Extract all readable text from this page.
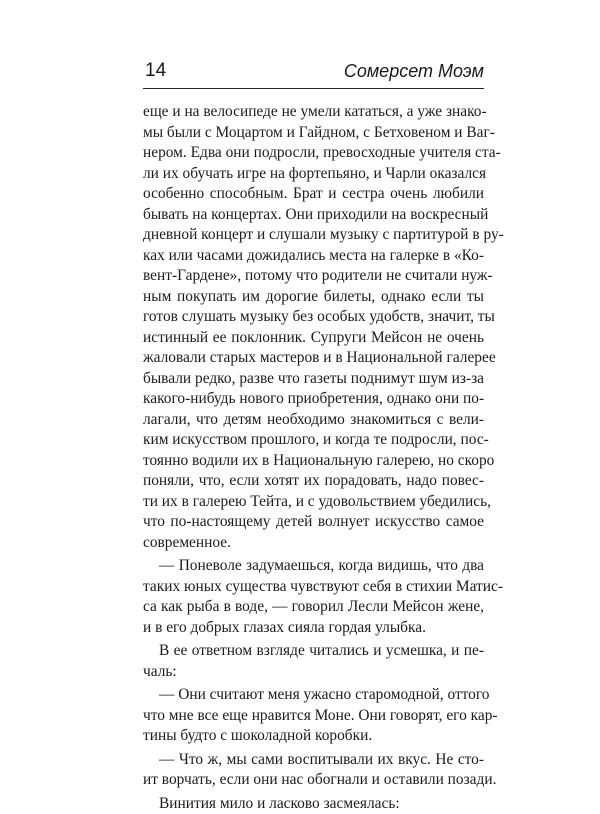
14	Сомерсет Моэм
еще и на велосипеде не умели кататься, а уже знако-
мы были с Моцартом и Гайдном, с Бетховеном и Ваг-
нером. Едва они подросли, превосходные учителя ста-
ли их обучать игре на фортепьяно, и Чарли оказался
особенно способным. Брат и сестра очень любили
бывать на концертах. Они приходили на воскресный
дневной концерт и слушали музыку с партитурой в ру-
ках или часами дожидались места на галерке в «Ко-
вент-Гардене», потому что родители не считали нуж-
ным покупать им дорогие билеты, однако если ты
готов слушать музыку без особых удобств, значит, ты
истинный ее поклонник. Супруги Мейсон не очень
жаловали старых мастеров и в Национальной галерее
бывали редко, разве что газеты поднимут шум из-за
какого-нибудь нового приобретения, однако они по-
лагали, что детям необходимо знакомиться с вели-
ким искусством прошлого, и когда те подросли, пос-
тоянно водили их в Национальную галерею, но скоро
поняли, что, если хотят их порадовать, надо повес-
ти их в галерею Тейта, и с удовольствием убедились,
что по-настоящему детей волнует искусство самое
современное.
— Поневоле задумаешься, когда видишь, что два
таких юных существа чувствуют себя в стихии Матис-
са как рыба в воде, — говорил Лесли Мейсон жене,
и в его добрых глазах сияла гордая улыбка.
В ее ответном взгляде читались и усмешка, и пе-
чаль:
— Они считают меня ужасно старомодной, оттого
что мне все еще нравится Моне. Они говорят, его кар-
тины будто с шоколадной коробки.
— Что ж, мы сами воспитывали их вкус. Не сто-
ит ворчать, если они нас обогнали и оставили позади.
Винития мило и ласково засмеялась:
